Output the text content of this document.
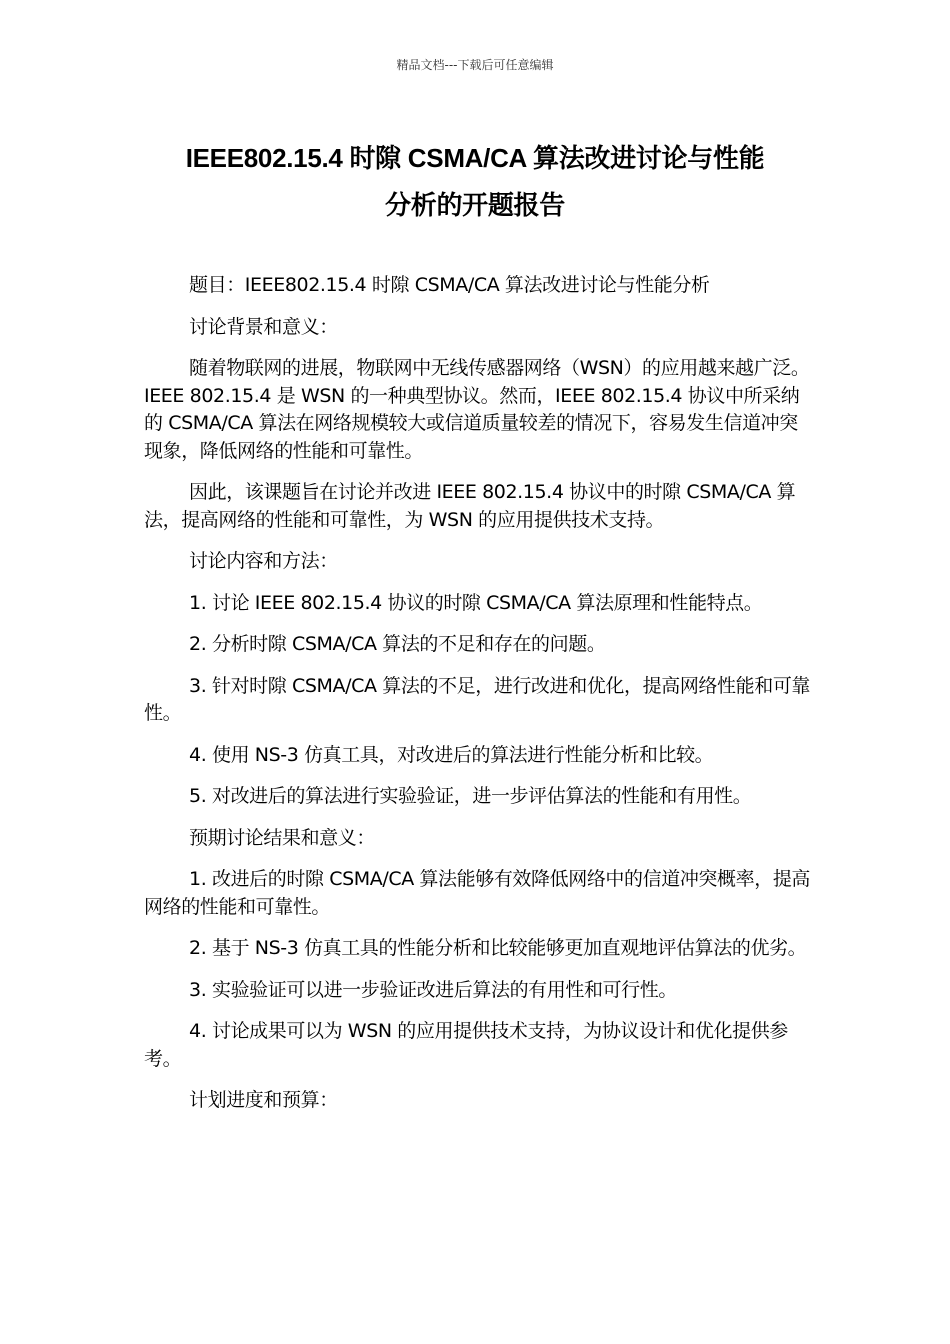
精品文档---下载后可任意编辑
IEEE802.15.4 时隙 CSMA/CA 算法改进讨论与性能
分析的开题报告

题目：IEEE802.15.4 时隙 CSMA/CA 算法改进讨论与性能分析

讨论背景和意义：

随着物联网的进展，物联网中无线传感器网络（WSN）的应用越来越广泛。IEEE 802.15.4 是 WSN 的一种典型协议。然而，IEEE 802.15.4 协议中所采纳的 CSMA/CA 算法在网络规模较大或信道质量较差的情况下，容易发生信道冲突现象，降低网络的性能和可靠性。

因此，该课题旨在讨论并改进 IEEE 802.15.4 协议中的时隙 CSMA/CA 算法，提高网络的性能和可靠性，为 WSN 的应用提供技术支持。

讨论内容和方法：

1. 讨论 IEEE 802.15.4 协议的时隙 CSMA/CA 算法原理和性能特点。

2. 分析时隙 CSMA/CA 算法的不足和存在的问题。

3. 针对时隙 CSMA/CA 算法的不足，进行改进和优化，提高网络性能和可靠性。

4. 使用 NS-3 仿真工具，对改进后的算法进行性能分析和比较。

5. 对改进后的算法进行实验验证，进一步评估算法的性能和有用性。

预期讨论结果和意义：

1. 改进后的时隙 CSMA/CA 算法能够有效降低网络中的信道冲突概率，提高网络的性能和可靠性。

2. 基于 NS-3 仿真工具的性能分析和比较能够更加直观地评估算法的优劣。

3. 实验验证可以进一步验证改进后算法的有用性和可行性。

4. 讨论成果可以为 WSN 的应用提供技术支持，为协议设计和优化提供参考。

计划进度和预算：
